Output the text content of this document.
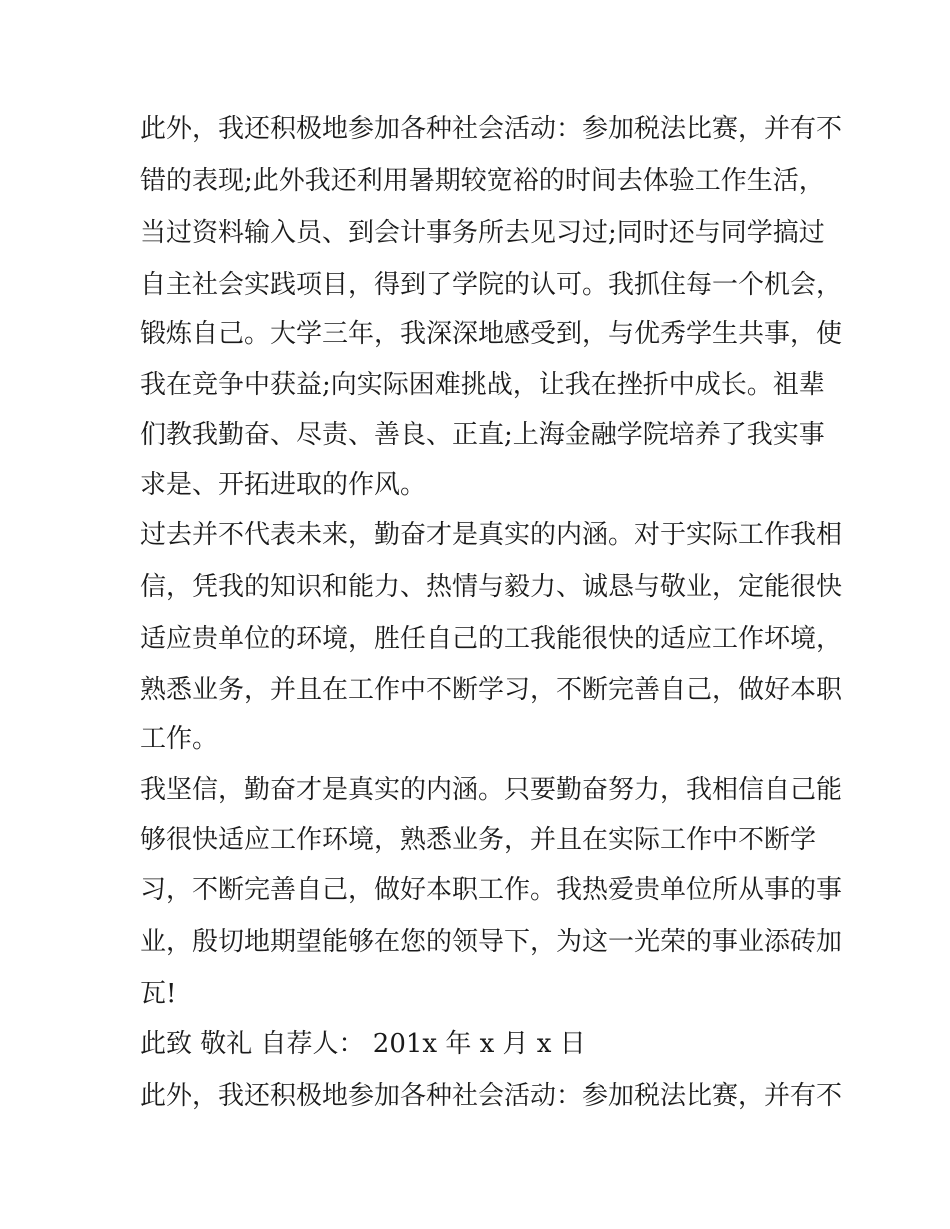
此外，我还积极地参加各种社会活动：参加税法比赛，并有不
错的表现;此外我还利用暑期较宽裕的时间去体验工作生活，
当过资料输入员、到会计事务所去见习过;同时还与同学搞过
自主社会实践项目，得到了学院的认可。我抓住每一个机会，
锻炼自己。大学三年，我深深地感受到，与优秀学生共事，使
我在竞争中获益;向实际困难挑战，让我在挫折中成长。祖辈
们教我勤奋、尽责、善良、正直;上海金融学院培养了我实事
求是、开拓进取的作风。
过去并不代表未来，勤奋才是真实的内涵。对于实际工作我相
信，凭我的知识和能力、热情与毅力、诚恳与敬业，定能很快
适应贵单位的环境，胜任自己的工我能很快的适应工作坏境，
熟悉业务，并且在工作中不断学习，不断完善自己，做好本职
工作。
我坚信，勤奋才是真实的内涵。只要勤奋努力，我相信自己能
够很快适应工作环境，熟悉业务，并且在实际工作中不断学
习，不断完善自己，做好本职工作。我热爱贵单位所从事的事
业，殷切地期望能够在您的领导下，为这一光荣的事业添砖加
瓦!
此致 敬礼 自荐人： 201x 年 x 月 x 日
此外，我还积极地参加各种社会活动：参加税法比赛，并有不
